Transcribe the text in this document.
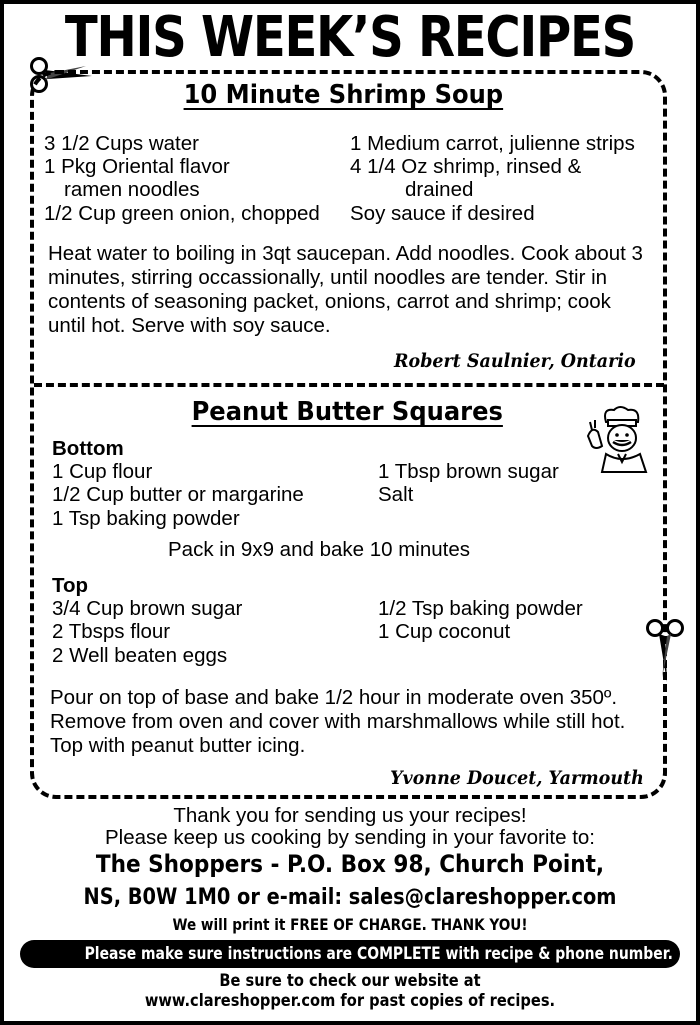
THIS WEEK’S RECIPES
10 Minute Shrimp Soup
3 1/2 Cups water
1 Pkg Oriental flavor
ramen noodles
1/2 Cup green onion, chopped
1 Medium carrot, julienne strips
4 1/4 Oz shrimp, rinsed &
drained
Soy sauce if desired
Heat water to boiling in 3qt saucepan. Add noodles. Cook about 3 minutes, stirring occassionally, until noodles are tender. Stir in contents of seasoning packet, onions, carrot and shrimp; cook until hot. Serve with soy sauce.
Robert Saulnier, Ontario
Peanut Butter Squares
Bottom
1 Cup flour
1/2 Cup butter or margarine
1 Tsp baking powder
1 Tbsp brown sugar
Salt
Pack in 9x9 and bake 10 minutes
Top
3/4 Cup brown sugar
2 Tbsps flour
2 Well beaten eggs
1/2 Tsp baking powder
1 Cup coconut
Pour on top of base and bake 1/2 hour in moderate oven 350º. Remove from oven and cover with marshmallows while still hot. Top with peanut butter icing.
Yvonne Doucet, Yarmouth
Thank you for sending us your recipes!
Please keep us cooking by sending in your favorite to:
The Shoppers - P.O. Box 98, Church Point,
NS, B0W 1M0 or e-mail: sales@clareshopper.com
We will print it FREE OF CHARGE. THANK YOU!
Please make sure instructions are COMPLETE with recipe & phone number.
Be sure to check our website at
www.clareshopper.com for past copies of recipes.
